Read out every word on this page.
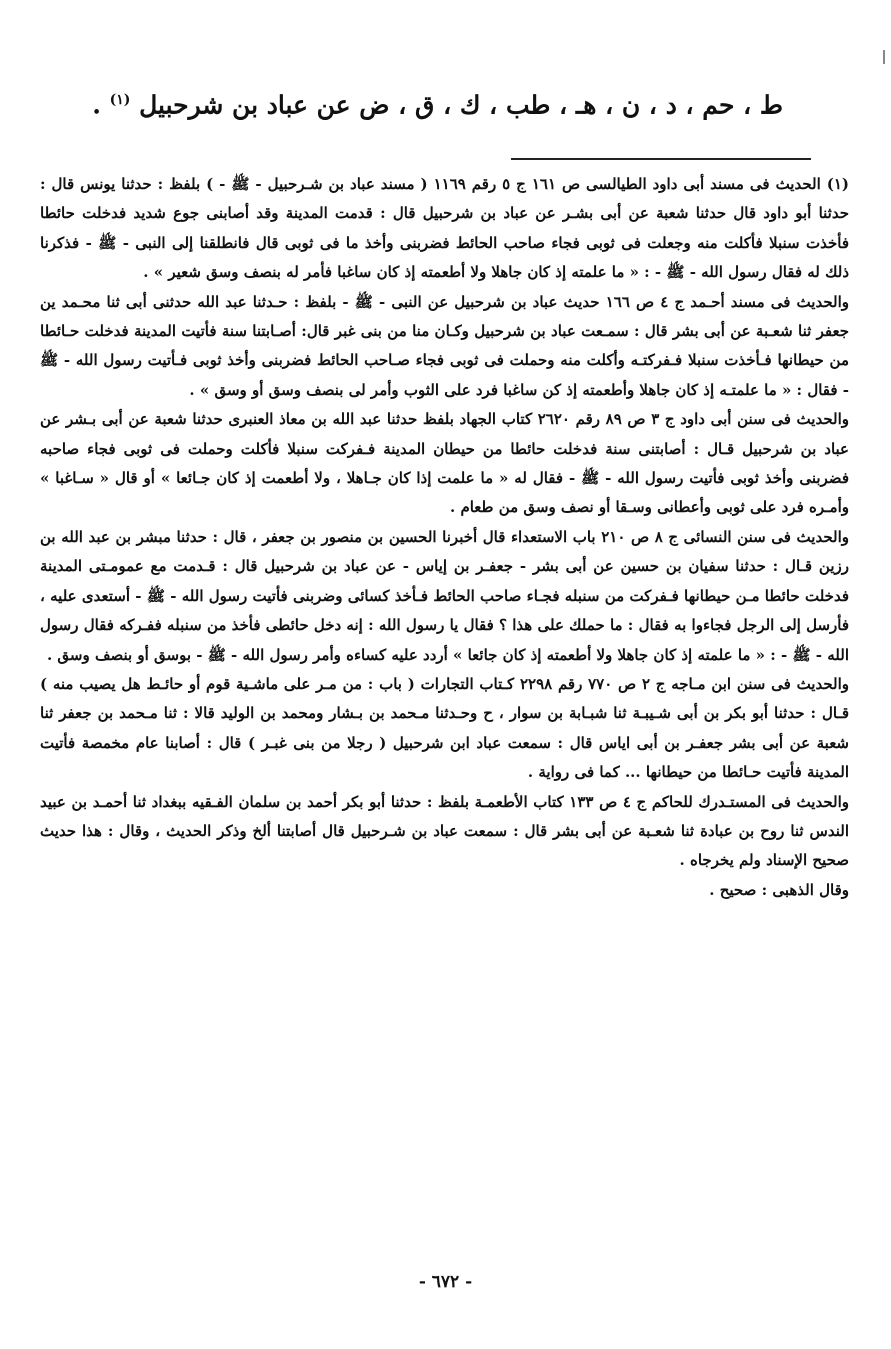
ط ، حم ، د ، ن ، هـ ، طب ، ك ، ق ، ض عن عباد بن شرحبيل $^{(١)}$ .

(١) الحديث فى مسند أبى داود الطيالسى ص ١٦١ ج ٥ رقم ١١٦٩ ( مسند عباد بن شـرحبيل - ﷺ - ) بلفظ : حدثنا يونس قال : حدثنا أبو داود قال حدثنا شعبة عن أبى بشـر عن عباد بن شرحبيل قال : قدمت المدينة وقد أصابنى جوع شديد فدخلت حائطا فأخذت سنبلا فأكلت منه وجعلت فى ثوبى فجاء صاحب الحائط فضربنى وأخذ ما فى ثوبى قال فانطلقنا إلى النبى - ﷺ - فذكرنا ذلك له فقال رسول الله - ﷺ - : « ما علمته إذ كان جاهلا ولا أطعمته إذ كان ساغبا فأمر له بنصف وسق شعير » .

والحديث فى مسند أحـمد ج ٤ ص ١٦٦ حديث عباد بن شرحبيل عن النبى - ﷺ - بلفظ : حـدثنا عبد الله حدثنى أبى ثنا محـمد ين جعفر ثنا شعـبة عن أبى بشر قال : سمـعت عباد بن شرحبيل وكـان منا من بنى غبر قال: أصـابتنا سنة فأتيت المدينة فدخلت حـائطا من حيطانها فـأخذت سنبلا فـفركتـه وأكلت منه وحملت فى ثوبى فجاء صـاحب الحائط فضربنى وأخذ ثوبى فـأتيت رسول الله - ﷺ - فقال : « ما علمتـه إذ كان جاهلا وأطعمته إذ كن ساغبا فرد على الثوب وأمر لى بنصف وسق أو وسق » .

والحديث فى سنن أبى داود ج ٣ ص ٨٩ رقم ٢٦٢٠ كتاب الجهاد بلفظ حدثنا عبد الله بن معاذ العنبرى حدثنا شعبة عن أبى بـشر عن عباد بن شرحبيل قـال : أصابتنى سنة فدخلت حائطا من حيطان المدينة فـفركت سنبلا فأكلت وحملت فى ثوبى فجاء صاحبه فضربنى وأخذ ثوبى فأتيت رسول الله - ﷺ - فقال له « ما علمت إذا كان جـاهلا ، ولا أطعمت إذ كان جـائعا » أو قال « سـاغبا » وأمـره فرد على ثوبى وأعطانى وسـقا أو نصف وسق من طعام .

والحديث فى سنن النسائى ج ٨ ص ٢١٠ باب الاستعداء قال أخبرنا الحسين بن منصور بن جعفر ، قال : حدثنا مبشر بن عبد الله بن رزين قـال : حدثنا سفيان بن حسين عن أبى بشر - جعفـر بن إياس - عن عباد بن شرحبيل قال : قـدمت مع عمومـتى المدينة فدخلت حائطا مـن حيطانها فـفركت من سنبله فجـاء صاحب الحائط فـأخذ كسائى وضربنى فأتيت رسول الله - ﷺ - أستعدى عليه ، فأرسل إلى الرجل فجاءوا به فقال : ما حملك على هذا ؟ فقال يا رسول الله : إنه دخل حائطى فأخذ من سنبله ففـركه فقال رسول الله - ﷺ - : « ما علمته إذ كان جاهلا ولا أطعمته إذ كان جائعا » أردد عليه كساءه وأمر رسول الله - ﷺ - بوسق أو بنصف وسق .

والحديث فى سنن ابن مـاجه ج ٢ ص ٧٧٠ رقم ٢٢٩٨ كـتاب التجارات ( باب : من مـر على ماشـية قوم أو حائـط هل يصيب منه ) قـال : حدثنا أبو بكر بن أبى شـيبـة ثنا شبـابة بن سوار ، ح وحـدثنا مـحمد بن بـشار ومحمد بن الوليد قالا : ثنا مـحمد بن جعفر ثنا شعبة عن أبى بشر جعفـر بن أبى اياس قال : سمعت عباد ابن شرحبيل ( رجلا من بنى غبـر ) قال : أصابنا عام مخمصة فأتيت المدينة فأتيت حـائطا من حيطانها ... كما فى رواية .

والحديث فى المستـدرك للحاكم ج ٤ ص ١٣٣ كتاب الأطعمـة بلفظ : حدثنا أبو بكر أحمد بن سلمان الفـقيه ببغداد ثنا أحمـد بن عبيد الندس ثنا روح بن عبادة ثنا شعـبة عن أبى بشر قال : سمعت عباد بن شـرحبيل قال أصابتنا ألخ وذكر الحديث ، وقال : هذا حديث صحيح الإسناد ولم يخرجاه .

وقال الذهبى : صحيح .

- ٦٧٢ -
